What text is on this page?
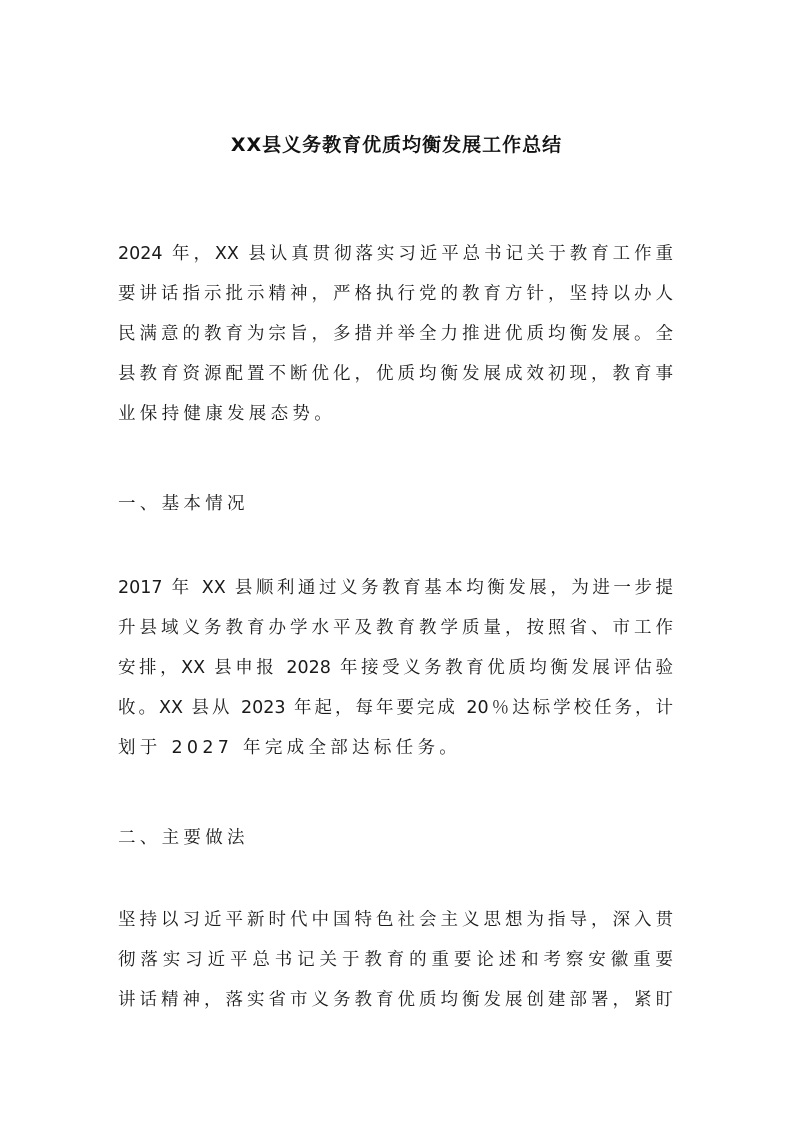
XX县义务教育优质均衡发展工作总结
2024 年，XX 县认真贯彻落实习近平总书记关于教育工作重
要讲话指示批示精神，严格执行党的教育方针，坚持以办人
民满意的教育为宗旨，多措并举全力推进优质均衡发展。全
县教育资源配置不断优化，优质均衡发展成效初现，教育事
业保持健康发展态势。
一、基本情况
2017 年 XX 县顺利通过义务教育基本均衡发展，为进一步提
升县域义务教育办学水平及教育教学质量，按照省、市工作
安排，XX 县申报 2028 年接受义务教育优质均衡发展评估验
收。XX 县从 2023 年起，每年要完成 20％达标学校任务，计
划于 2027 年完成全部达标任务。
二、主要做法
坚持以习近平新时代中国特色社会主义思想为指导，深入贯
彻落实习近平总书记关于教育的重要论述和考察安徽重要
讲话精神，落实省市义务教育优质均衡发展创建部署，紧盯
